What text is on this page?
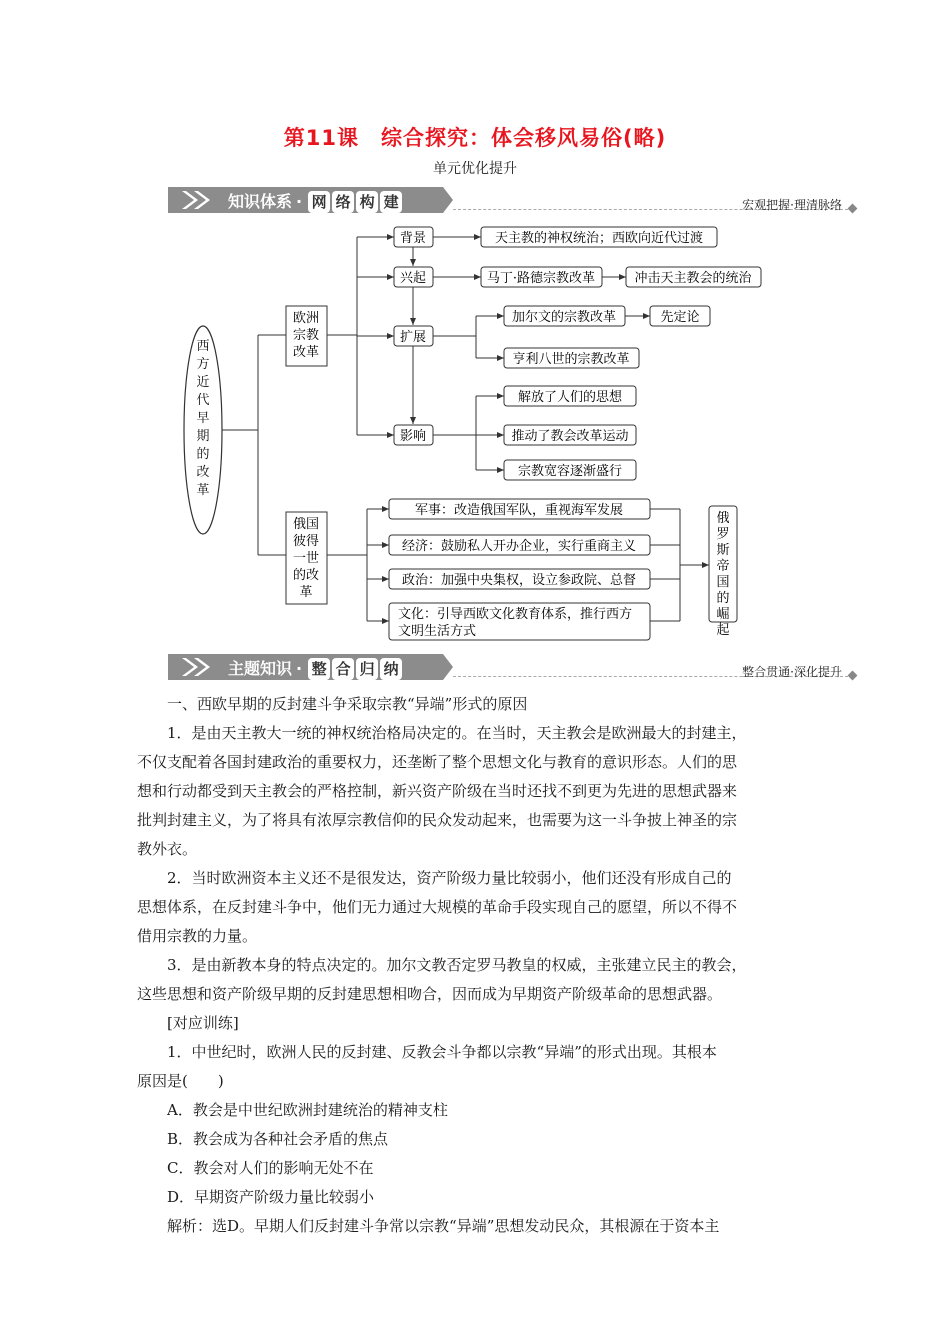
第11课 综合探究：体会移风易俗(略)
单元优化提升
知识体系 · 网 络 构 建	宏观把握·理清脉络
西方近代早期的改革
欧洲宗教改革
俄国彼得一世的改革
背景
兴起
扩展
影响
天主教的神权统治；西欧向近代过渡
马丁·路德宗教改革	冲击天主教会的统治
加尔文的宗教改革	先定论
亨利八世的宗教改革
解放了人们的思想
推动了教会改革运动
宗教宽容逐渐盛行
军事：改造俄国军队，重视海军发展
经济：鼓励私人开办企业，实行重商主义
政治：加强中央集权，设立参政院、总督
文化：引导西欧文化教育体系，推行西方
文明生活方式
俄罗斯帝国的崛起
主题知识 · 整 合 归 纳	整合贯通·深化提升

一、西欧早期的反封建斗争采取宗教“异端”形式的原因

1．是由天主教大一统的神权统治格局决定的。在当时，天主教会是欧洲最大的封建主，

不仅支配着各国封建政治的重要权力，还垄断了整个思想文化与教育的意识形态。人们的思

想和行动都受到天主教会的严格控制，新兴资产阶级在当时还找不到更为先进的思想武器来

批判封建主义，为了将具有浓厚宗教信仰的民众发动起来，也需要为这一斗争披上神圣的宗

教外衣。

2．当时欧洲资本主义还不是很发达，资产阶级力量比较弱小，他们还没有形成自己的

思想体系，在反封建斗争中，他们无力通过大规模的革命手段实现自己的愿望，所以不得不

借用宗教的力量。

3．是由新教本身的特点决定的。加尔文教否定罗马教皇的权威，主张建立民主的教会，

这些思想和资产阶级早期的反封建思想相吻合，因而成为早期资产阶级革命的思想武器。

[对应训练]

1．中世纪时，欧洲人民的反封建、反教会斗争都以宗教“异端”的形式出现。其根本

原因是(　　)

A．教会是中世纪欧洲封建统治的精神支柱

B．教会成为各种社会矛盾的焦点

C．教会对人们的影响无处不在

D．早期资产阶级力量比较弱小

解析：选D。早期人们反封建斗争常以宗教“异端”思想发动民众，其根源在于资本主
